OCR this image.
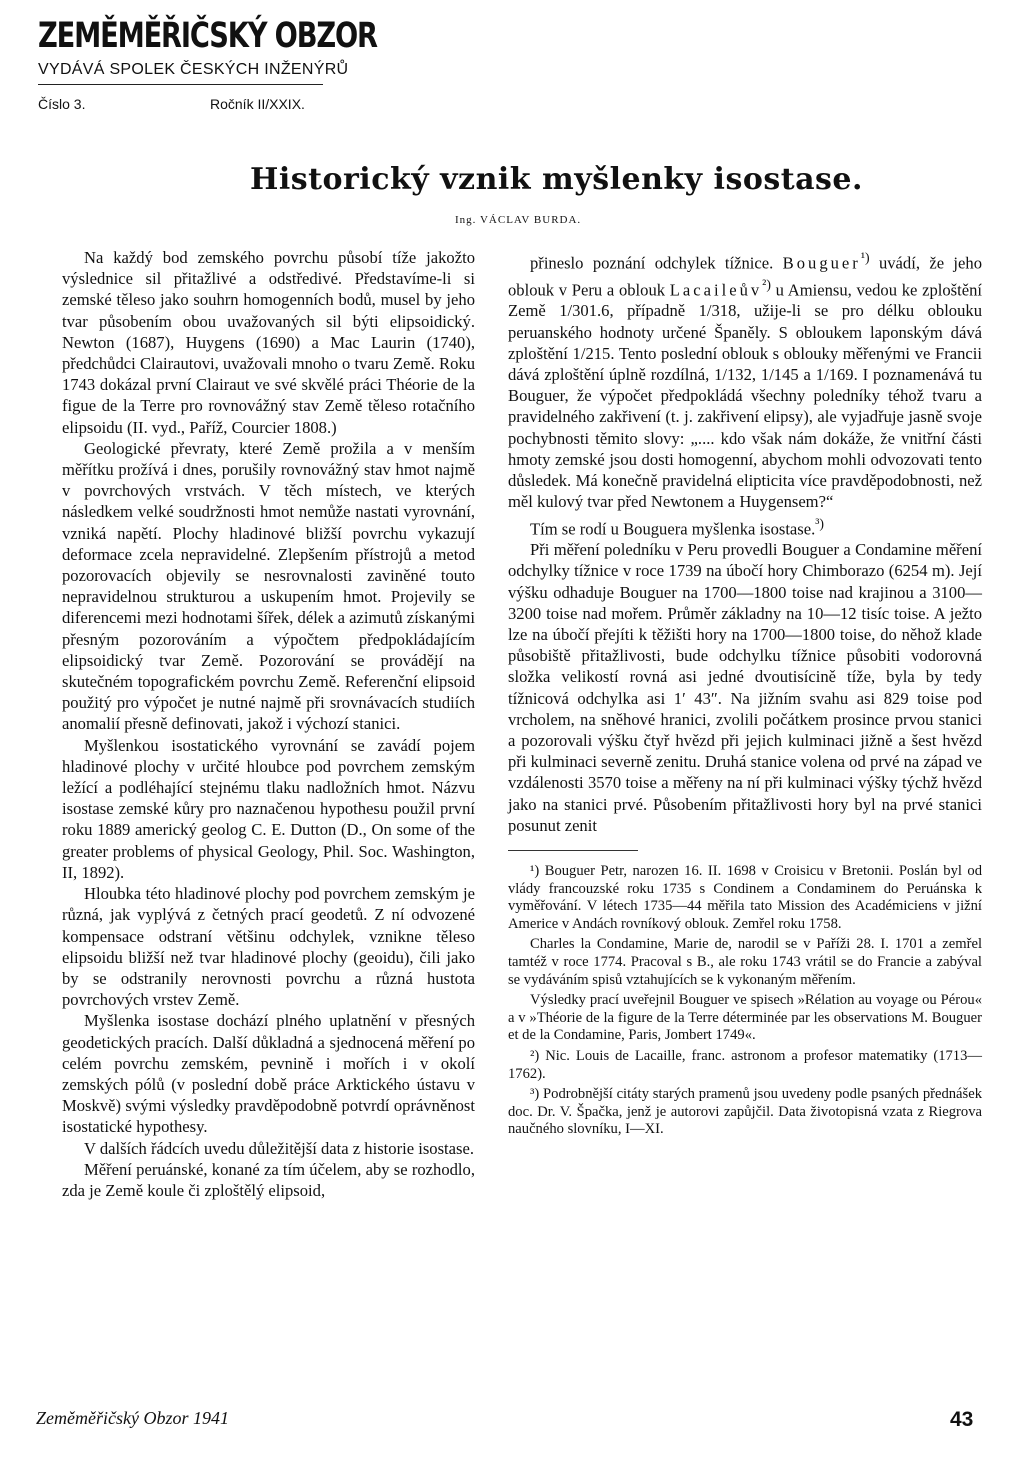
ZEMĚMĚŘIČSKÝ OBZOR
VYDÁVÁ SPOLEK ČESKÝCH INŽENÝRŮ
Číslo 3.	Ročník II/XXIX.
Historický vznik myšlenky isostase.
Ing. VÁCLAV BURDA.

Na každý bod zemského povrchu působí tíže jakožto výslednice sil přitažlivé a odstředivé. Představíme-li si zemské těleso jako souhrn homogenních bodů, musel by jeho tvar působením obou uvažovaných sil býti elipsoidický. Newton (1687), Huygens (1690) a Mac Laurin (1740), předchůdci Clairautovi, uvažovali mnoho o tvaru Země. Roku 1743 dokázal první Clairaut ve své skvělé práci Théorie de la figue de la Terre pro rovnovážný stav Země těleso rotačního elipsoidu (II. vyd., Paříž, Courcier 1808.)

Geologické převraty, které Země prožila a v menším měřítku prožívá i dnes, porušily rovnovážný stav hmot najmě v povrchových vrstvách. V těch místech, ve kterých následkem velké soudržnosti hmot nemůže nastati vyrovnání, vzniká napětí. Plochy hladinové bližší povrchu vykazují deformace zcela nepravidelné. Zlepšením přístrojů a metod pozorovacích objevily se nesrovnalosti zaviněné touto nepravidelnou strukturou a uskupením hmot. Projevily se diferencemi mezi hodnotami šířek, délek a azimutů získanými přesným pozorováním a výpočtem předpokládajícím elipsoidický tvar Země. Pozorování se provádějí na skutečném topografickém povrchu Země. Referenční elipsoid použitý pro výpočet je nutné najmě při srovnávacích studiích anomalií přesně definovati, jakož i výchozí stanici.

Myšlenkou isostatického vyrovnání se zavádí pojem hladinové plochy v určité hloubce pod povrchem zemským ležící a podléhající stejnému tlaku nadložních hmot. Názvu isostase zemské kůry pro naznačenou hypothesu použil první roku 1889 americký geolog C. E. Dutton (D., On some of the greater problems of physical Geology, Phil. Soc. Washington, II, 1892).

Hloubka této hladinové plochy pod povrchem zemským je různá, jak vyplývá z četných prací geodetů. Z ní odvozené kompensace odstraní většinu odchylek, vznikne těleso elipsoidu bližší než tvar hladinové plochy (geoidu), čili jako by se odstranily nerovnosti povrchu a různá hustota povrchových vrstev Země.

Myšlenka isostase dochází plného uplatnění v přesných geodetických pracích. Další důkladná a sjednocená měření po celém povrchu zemském, pevnině i mořích i v okolí zemských pólů (v poslední době práce Arktického ústavu v Moskvě) svými výsledky pravděpodobně potvrdí oprávněnost isostatické hypothesy.

V dalších řádcích uvedu důležitější data z historie isostase.

Měření peruánské, konané za tím účelem, aby se rozhodlo, zda je Země koule či zploštělý elipsoid,

přineslo poznání odchylek tížnice. Bouguer$^{^1)}$ uvádí, že jeho oblouk v Peru a oblouk Lacaileův$^{^2)}$ u Amiensu, vedou ke zploštění Země 1/301.6, případně 1/318, užije-li se pro délku oblouku peruanského hodnoty určené Španěly. S obloukem laponským dává zploštění 1/215. Tento poslední oblouk s oblouky měřenými ve Francii dává zploštění úplně rozdílná, 1/132, 1/145 a 1/169. I poznamenává tu Bouguer, že výpočet předpokládá všechny poledníky téhož tvaru a pravidelného zakřivení (t. j. zakřivení elipsy), ale vyjadřuje jasně svoje pochybnosti těmito slovy: „.... kdo však nám dokáže, že vnitřní části hmoty zemské jsou dosti homogenní, abychom mohli odvozovati tento důsledek. Má konečně pravidelná elipticita více pravděpodobnosti, než měl kulový tvar před Newtonem a Huygensem?“

Tím se rodí u Bouguera myšlenka isostase.$^{^3)}$

Při měření poledníku v Peru provedli Bouguer a Condamine měření odchylky tížnice v roce 1739 na úbočí hory Chimborazo (6254 m). Její výšku odhaduje Bouguer na 1700—1800 toise nad krajinou a 3100—3200 toise nad mořem. Průměr základny na 10—12 tisíc toise. A ježto lze na úbočí přejíti k těžišti hory na 1700—1800 toise, do něhož klade působiště přitažlivosti, bude odchylku tížnice působiti vodorovná složka velikostí rovná asi jedné dvoutisícině tíže, byla by tedy tížnicová odchylka asi 1′ 43″. Na jižním svahu asi 829 toise pod vrcholem, na sněhové hranici, zvolili počátkem prosince prvou stanici a pozorovali výšku čtyř hvězd při jejich kulminaci jižně a šest hvězd při kulminaci severně zenitu. Druhá stanice volena od prvé na západ ve vzdálenosti 3570 toise a měřeny na ní při kulminaci výšky týchž hvězd jako na stanici prvé. Působením přitažlivosti hory byl na prvé stanici posunut zenit

¹) Bouguer Petr, narozen 16. II. 1698 v Croisicu v Bretonii. Poslán byl od vlády francouzské roku 1735 s Condinem a Condaminem do Peruánska k vyměřování. V létech 1735—44 měřila tato Mission des Académiciens v jižní Americe v Andách rovníkový oblouk. Zemřel roku 1758.

Charles la Condamine, Marie de, narodil se v Paříži 28. I. 1701 a zemřel tamtéž v roce 1774. Pracoval s B., ale roku 1743 vrátil se do Francie a zabýval se vydáváním spisů vztahujících se k vykonaným měřením.

Výsledky prací uveřejnil Bouguer ve spisech »Rélation au voyage ou Pérou« a v »Théorie de la figure de la Terre déterminée par les observations M. Bouguer et de la Condamine, Paris, Jombert 1749«.

²) Nic. Louis de Lacaille, franc. astronom a profesor matematiky (1713—1762).

³) Podrobnější citáty starých pramenů jsou uvedeny podle psaných přednášek doc. Dr. V. Špačka, jenž je autorovi zapůjčil. Data životopisná vzata z Riegrova naučného slovníku, I—XI.

Zeměměřičský Obzor 1941	43
